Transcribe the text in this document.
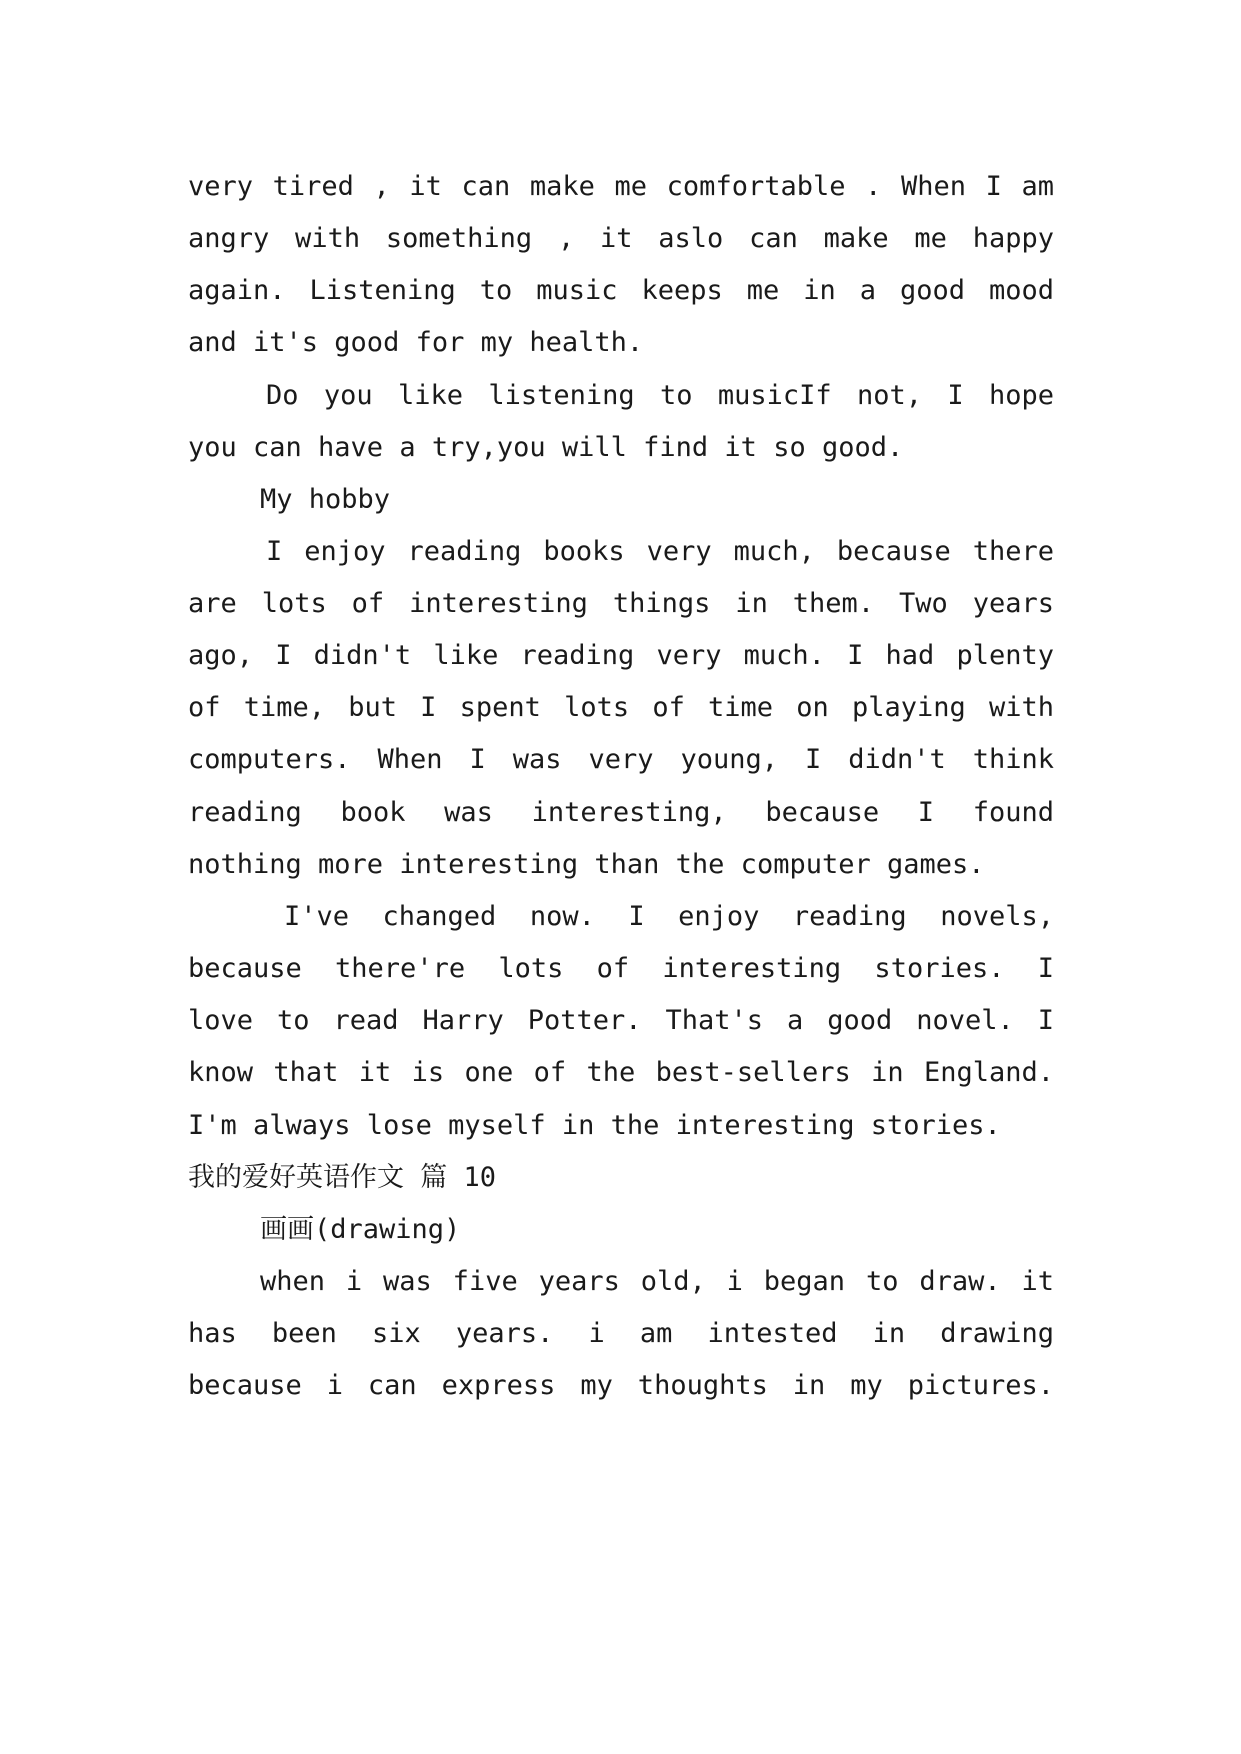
very tired , it can make me comfortable . When I am

angry with something , it aslo can make me happy

again. Listening to music keeps me in a good mood

and it's good for my health.

Do you like listening to musicIf not, I hope

you can have a try,you will find it so good.

My hobby

I enjoy reading books very much, because there

are lots of interesting things in them. Two years

ago, I didn't like reading very much. I had plenty

of time, but I spent lots of time on playing with

computers. When I was very young, I didn't think

reading book was interesting, because I found

nothing more interesting than the computer games.

I've changed now. I enjoy reading novels,

because there're lots of interesting stories. I

love to read Harry Potter. That's a good novel. I

know that it is one of the best-sellers in England.

I'm always lose myself in the interesting stories.

我的爱好英语作文 篇 10

画画(drawing)

when i was five years old, i began to draw. it

has been six years. i am intested in drawing

because i can express my thoughts in my pictures.
